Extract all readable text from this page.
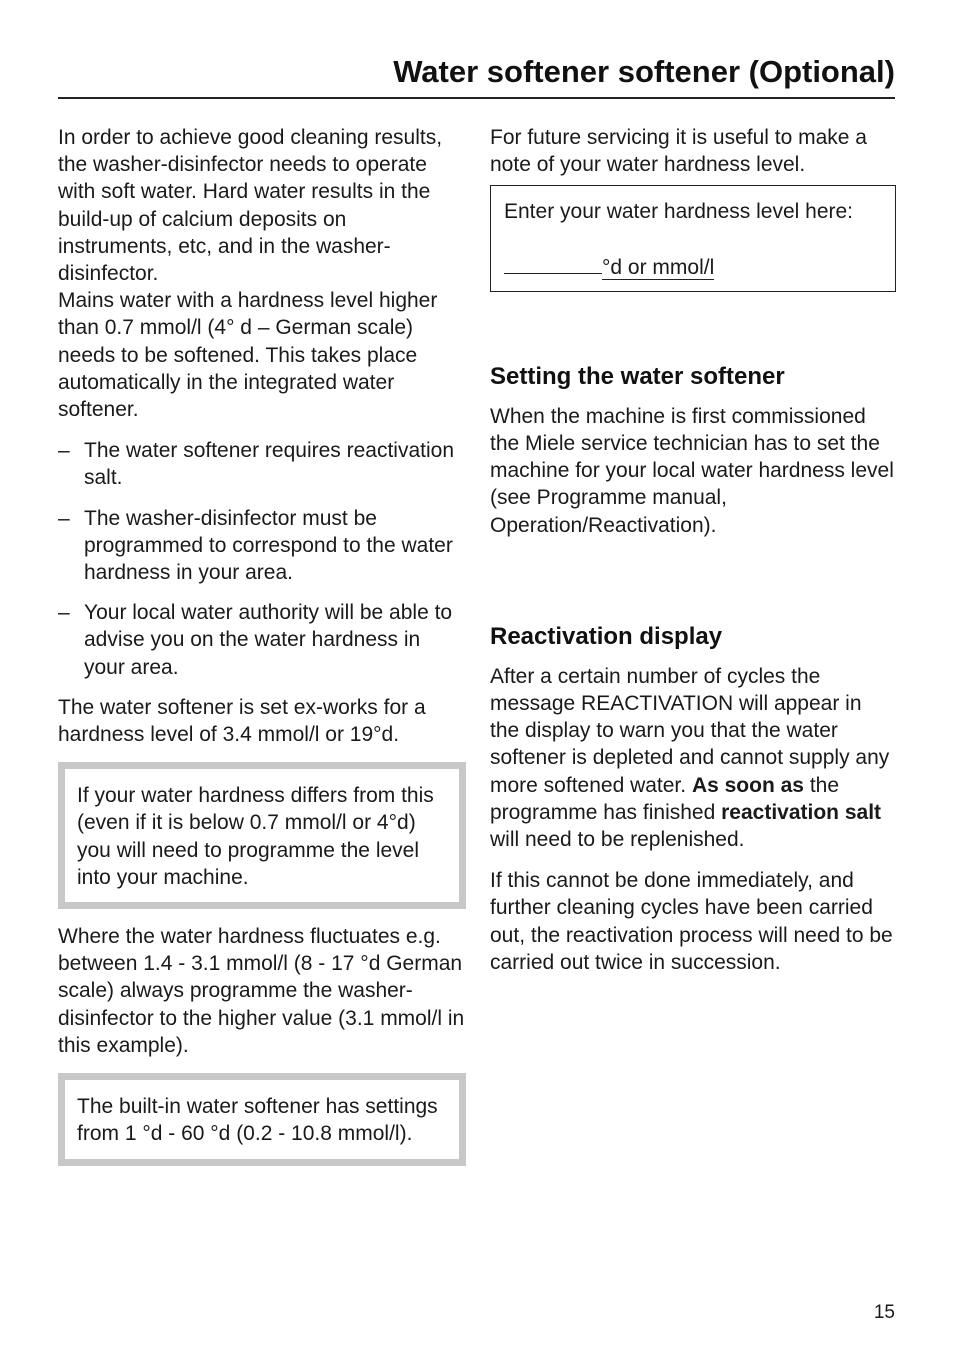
Water softener softener (Optional)

In order to achieve good cleaning results, the washer-disinfector needs to operate with soft water. Hard water results in the build-up of calcium deposits on instruments, etc, and in the washer-disinfector.

Mains water with a hardness level higher than 0.7 mmol/l (4° d – German scale) needs to be softened. This takes place automatically in the integrated water softener.

– The water softener requires reactivation salt.
– The washer-disinfector must be programmed to correspond to the water hardness in your area.
– Your local water authority will be able to advise you on the water hardness in your area.

The water softener is set ex-works for a hardness level of 3.4 mmol/l or 19°d.

If your water hardness differs from this (even if it is below 0.7 mmol/l or 4°d) you will need to programme the level into your machine.

Where the water hardness fluctuates e.g. between 1.4 - 3.1 mmol/l (8 - 17 °d German scale) always programme the washer-disinfector to the higher value (3.1 mmol/l in this example).

The built-in water softener has settings from 1 °d - 60 °d (0.2 - 10.8 mmol/l).

For future servicing it is useful to make a note of your water hardness level.

Enter your water hardness level here:

°d or mmol/l

Setting the water softener

When the machine is first commissioned the Miele service technician has to set the machine for your local water hardness level (see Programme manual, Operation/Reactivation).

Reactivation display

After a certain number of cycles the message REACTIVATION will appear in the display to warn you that the water softener is depleted and cannot supply any more softened water. As soon as the programme has finished reactivation salt will need to be replenished.

If this cannot be done immediately, and further cleaning cycles have been carried out, the reactivation process will need to be carried out twice in succession.

15
